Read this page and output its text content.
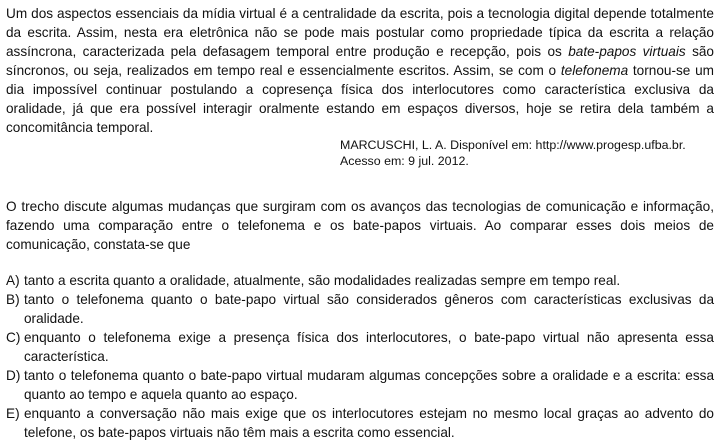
Um dos aspectos essenciais da mídia virtual é a centralidade da escrita, pois a tecnologia digital depende totalmente da escrita. Assim, nesta era eletrônica não se pode mais postular como propriedade típica da escrita a relação assíncrona, caracterizada pela defasagem temporal entre produção e recepção, pois os bate-papos virtuais são síncronos, ou seja, realizados em tempo real e essencialmente escritos. Assim, se com o telefonema tornou-se um dia impossível continuar postulando a copresença física dos interlocutores como característica exclusiva da oralidade, já que era possível interagir oralmente estando em espaços diversos, hoje se retira dela também a concomitância temporal.

MARCUSCHI, L. A. Disponível em: http://www.progesp.ufba.br.
Acesso em: 9 jul. 2012.

O trecho discute algumas mudanças que surgiram com os avanços das tecnologias de comunicação e informação, fazendo uma comparação entre o telefonema e os bate-papos virtuais. Ao comparar esses dois meios de comunicação, constata-se que

A) tanto a escrita quanto a oralidade, atualmente, são modalidades realizadas sempre em tempo real.
B) tanto o telefonema quanto o bate-papo virtual são considerados gêneros com características exclusivas da oralidade.
C) enquanto o telefonema exige a presença física dos interlocutores, o bate-papo virtual não apresenta essa característica.
D) tanto o telefonema quanto o bate-papo virtual mudaram algumas concepções sobre a oralidade e a escrita: essa quanto ao tempo e aquela quanto ao espaço.
E) enquanto a conversação não mais exige que os interlocutores estejam no mesmo local graças ao advento do telefone, os bate-papos virtuais não têm mais a escrita como essencial.
